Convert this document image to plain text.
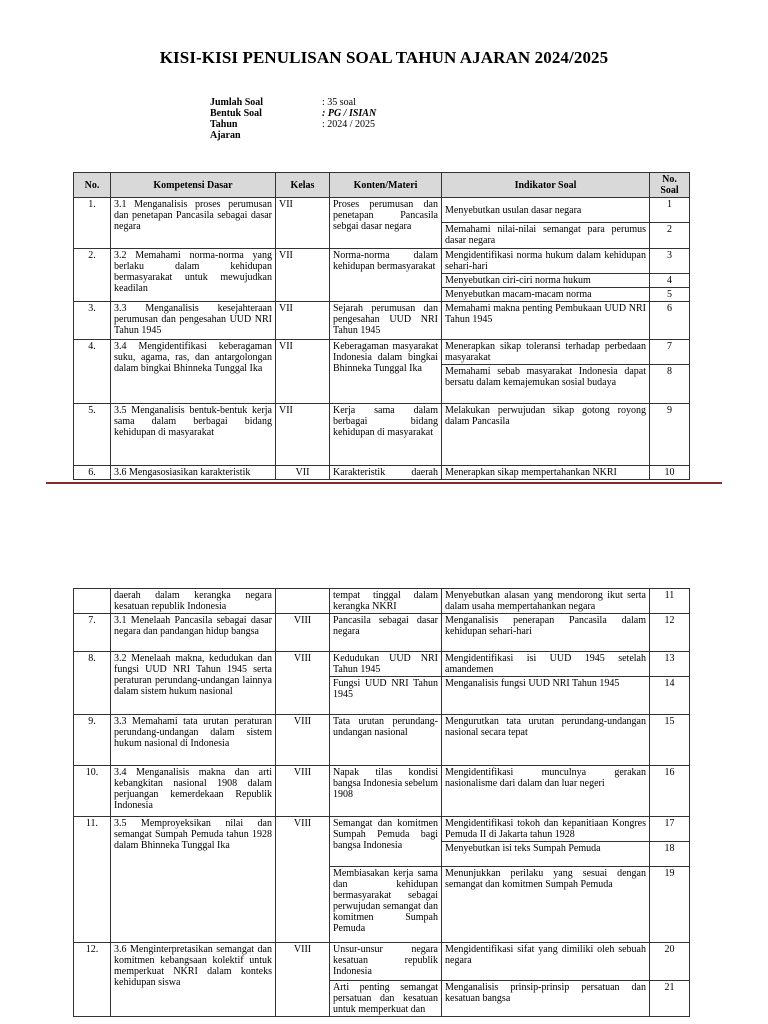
KISI-KISI PENULISAN SOAL TAHUN AJARAN 2024/2025
Jumlah Soal	: 35 soal
Bentuk Soal	: PG / ISIAN
Tahun	: 2024 / 2025
Ajaran
No.	Kompetensi Dasar	Kelas	Konten/Materi	Indikator Soal	No. Soal
1.	3.1 Menganalisis proses perumusan dan penetapan Pancasila sebagai dasar negara	VII	Proses perumusan dan penetapan Pancasila sebgai dasar negara	Menyebutkan usulan dasar negara	1
				Memahami nilai-nilai semangat para perumus dasar negara	2
2.	3.2 Memahami norma-norma yang berlaku dalam kehidupan bermasyarakat untuk mewujudkan keadilan	VII	Norma-norma dalam kehidupan bermasyarakat	Mengidentifikasi norma hukum dalam kehidupan sehari-hari	3
				Menyebutkan ciri-ciri norma hukum	4
				Menyebutkan macam-macam norma	5
3.	3.3 Menganalisis kesejahteraan perumusan dan pengesahan UUD NRI Tahun 1945	VII	Sejarah perumusan dan pengesahan UUD NRI Tahun 1945	Memahami makna penting Pembukaan UUD NRI Tahun 1945	6
4.	3.4 Mengidentifikasi keberagaman suku, agama, ras, dan antargolongan dalam bingkai Bhinneka Tunggal Ika	VII	Keberagaman masyarakat Indonesia dalam bingkai Bhinneka Tunggal Ika	Menerapkan sikap toleransi terhadap perbedaan masyarakat	7
				Memahami sebab masyarakat Indonesia dapat bersatu dalam kemajemukan sosial budaya	8
5.	3.5 Menganalisis bentuk-bentuk kerja sama dalam berbagai bidang kehidupan di masyarakat	VII	Kerja sama dalam berbagai bidang kehidupan di masyarakat	Melakukan perwujudan sikap gotong royong dalam Pancasila	9
6.	3.6 Mengasosiasikan karakteristik	VII	Karakteristik daerah	Menerapkan sikap mempertahankan NKRI	10
	daerah dalam kerangka negara kesatuan republik Indonesia		tempat tinggal dalam kerangka NKRI	Menyebutkan alasan yang mendorong ikut serta dalam usaha mempertahankan negara	11
7.	3.1 Menelaah Pancasila sebagai dasar negara dan pandangan hidup bangsa	VIII	Pancasila sebagai dasar negara	Menganalisis penerapan Pancasila dalam kehidupan sehari-hari	12
8.	3.2 Menelaah makna, kedudukan dan fungsi UUD NRI Tahun 1945 serta peraturan perundang-undangan lainnya dalam sistem hukum nasional	VIII	Kedudukan UUD NRI Tahun 1945	Mengidentifikasi isi UUD 1945 setelah amandemen	13
			Fungsi UUD NRI Tahun 1945	Menganalisis fungsi UUD NRI Tahun 1945	14
9.	3.3 Memahami tata urutan peraturan perundang-undangan dalam sistem hukum nasional di Indonesia	VIII	Tata urutan perundang-undangan nasional	Mengurutkan tata urutan perundang-undangan nasional secara tepat	15
10.	3.4 Menganalisis makna dan arti kebangkitan nasional 1908 dalam perjuangan kemerdekaan Republik Indonesia	VIII	Napak tilas kondisi bangsa Indonesia sebelum 1908	Mengidentifikasi munculnya gerakan nasionalisme dari dalam dan luar negeri	16
11.	3.5 Memproyeksikan nilai dan semangat Sumpah Pemuda tahun 1928 dalam Bhinneka Tunggal Ika	VIII	Semangat dan komitmen Sumpah Pemuda bagi bangsa Indonesia	Mengidentifikasi tokoh dan kepanitiaan Kongres Pemuda II di Jakarta tahun 1928	17
				Menyebutkan isi teks Sumpah Pemuda	18
			Membiasakan kerja sama dan kehidupan bermasyarakat sebagai perwujudan semangat dan komitmen Sumpah Pemuda	Menunjukkan perilaku yang sesuai dengan semangat dan komitmen Sumpah Pemuda	19
12.	3.6 Menginterpretasikan semangat dan komitmen kebangsaan kolektif untuk memperkuat NKRI dalam konteks kehidupan siswa	VIII	Unsur-unsur negara kesatuan republik Indonesia	Mengidentifikasi sifat yang dimiliki oleh sebuah negara	20
			Arti penting semangat persatuan dan kesatuan untuk memperkuat dan	Menganalisis prinsip-prinsip persatuan dan kesatuan bangsa	21
